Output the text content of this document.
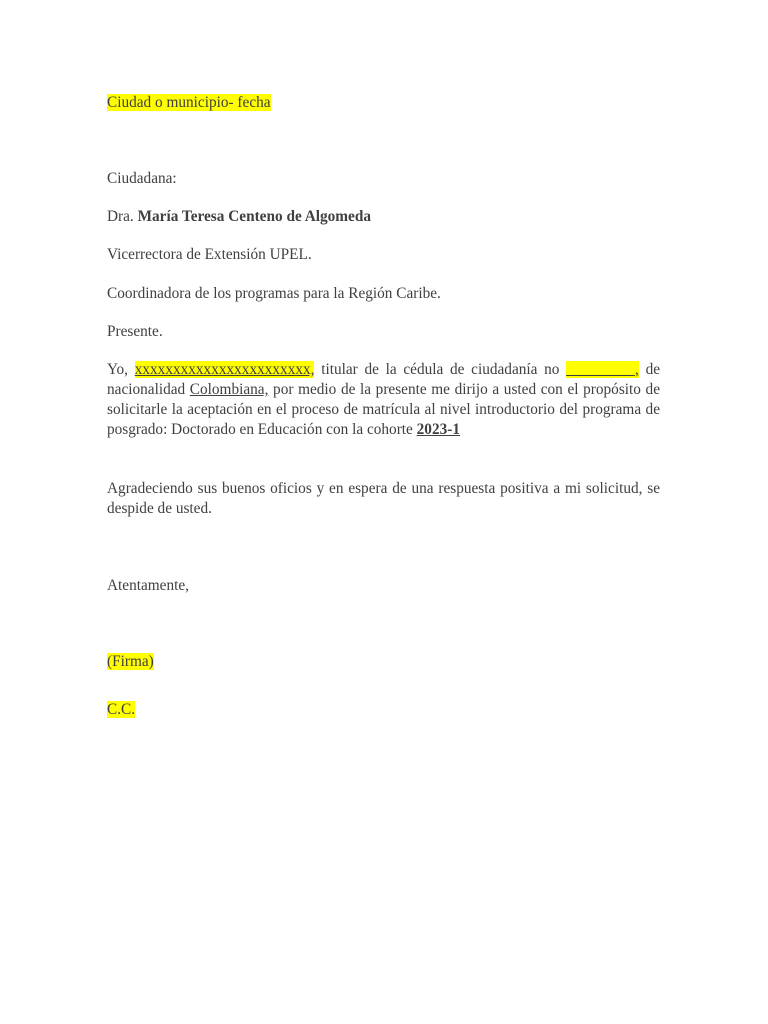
Ciudad o municipio- fecha
Ciudadana:
Dra. María Teresa Centeno de Algomeda
Vicerrectora de Extensión UPEL.
Coordinadora de los programas para la Región Caribe.
Presente.
Yo, xxxxxxxxxxxxxxxxxxxxxxx, titular de la cédula de ciudadanía no _________, de nacionalidad Colombiana, por medio de la presente me dirijo a usted con el propósito de solicitarle la aceptación en el proceso de matrícula al nivel introductorio del programa de posgrado: Doctorado en Educación con la cohorte 2023-1
Agradeciendo sus buenos oficios y en espera de una respuesta positiva a mi solicitud, se despide de usted.
Atentamente,
(Firma)
C.C.
